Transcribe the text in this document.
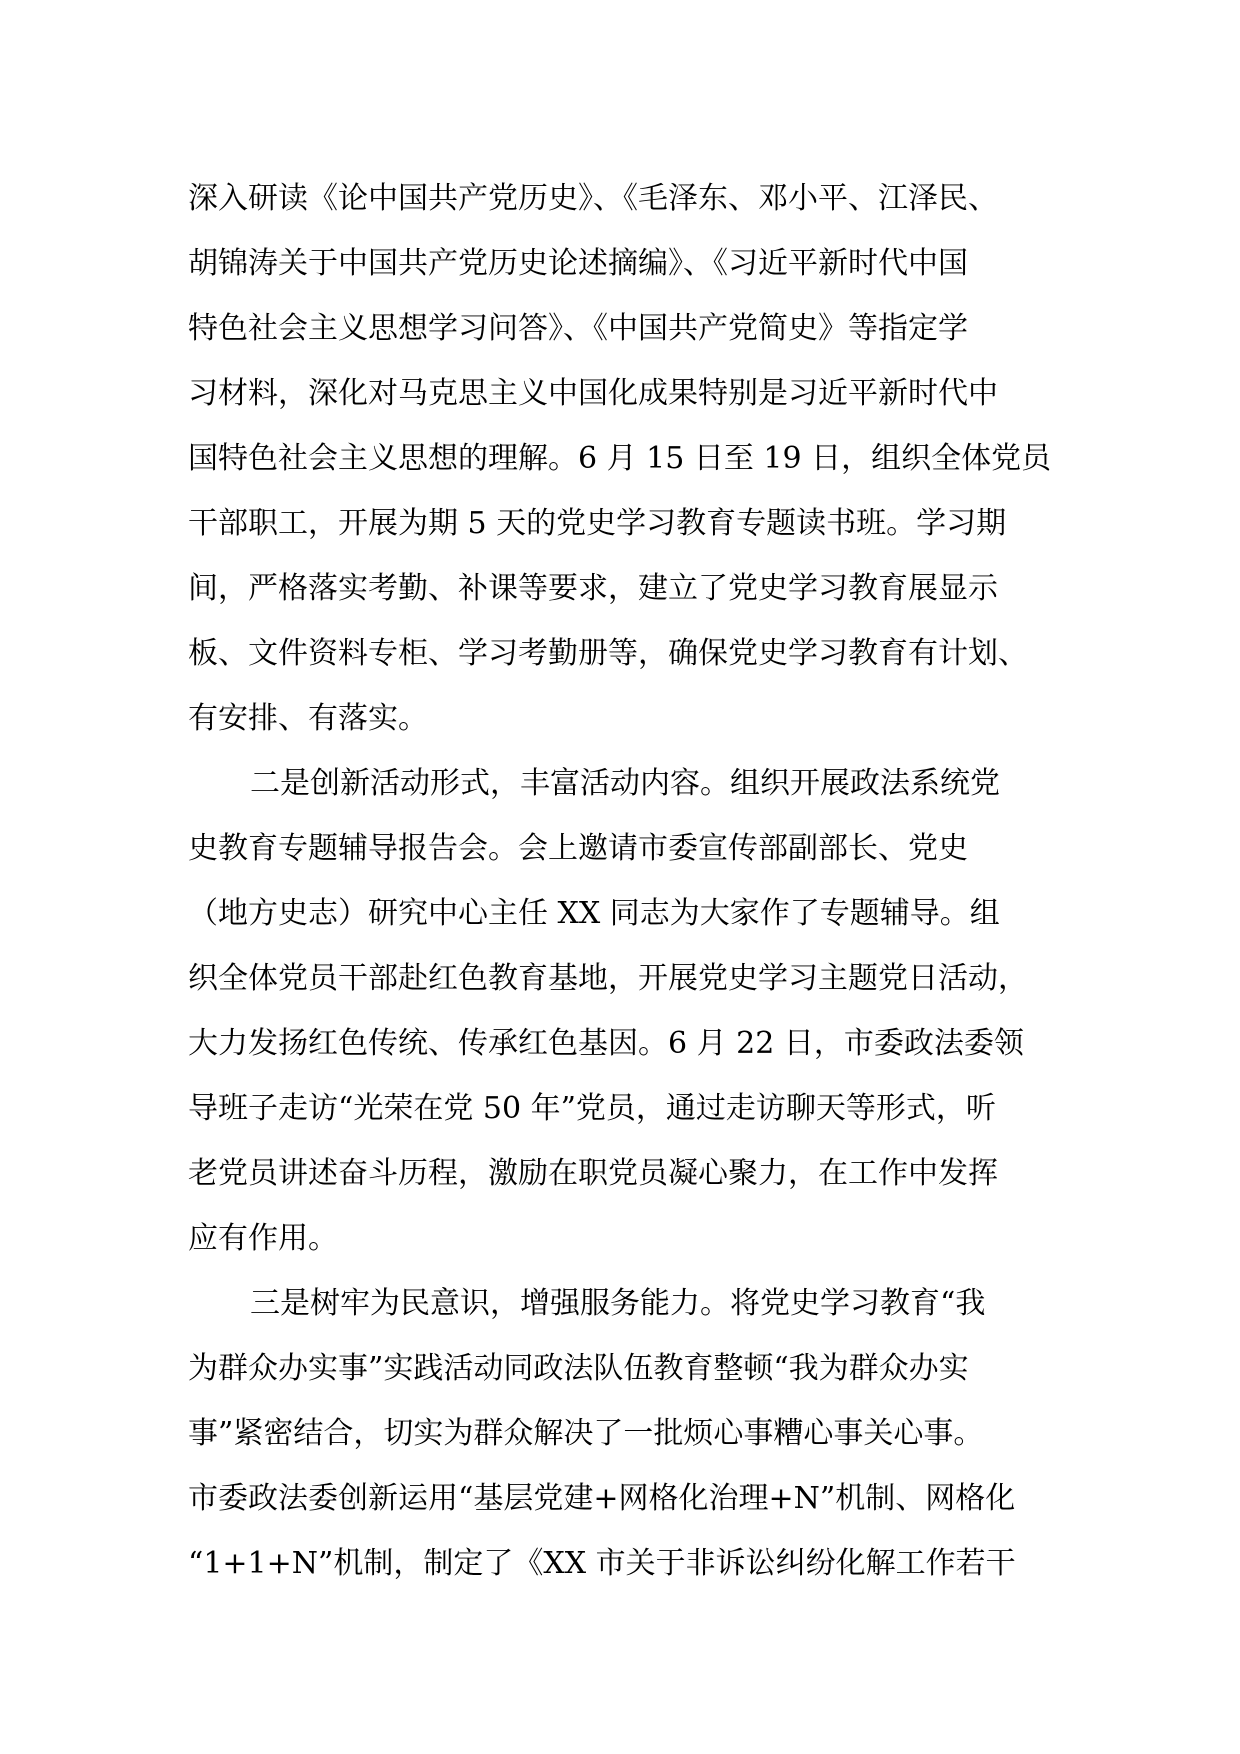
深入研读《论中国共产党历史》、《毛泽东、邓小平、江泽民、
胡锦涛关于中国共产党历史论述摘编》、《习近平新时代中国
特色社会主义思想学习问答》、《中国共产党简史》等指定学
习材料，深化对马克思主义中国化成果特别是习近平新时代中
国特色社会主义思想的理解。6 月 15 日至 19 日，组织全体党员
干部职工，开展为期 5 天的党史学习教育专题读书班。学习期
间，严格落实考勤、补课等要求，建立了党史学习教育展显示
板、文件资料专柜、学习考勤册等，确保党史学习教育有计划、
有安排、有落实。
二是创新活动形式，丰富活动内容。组织开展政法系统党
史教育专题辅导报告会。会上邀请市委宣传部副部长、党史
（地方史志）研究中心主任 XX 同志为大家作了专题辅导。组
织全体党员干部赴红色教育基地，开展党史学习主题党日活动，
大力发扬红色传统、传承红色基因。6 月 22 日，市委政法委领
导班子走访“光荣在党 50 年”党员，通过走访聊天等形式，听
老党员讲述奋斗历程，激励在职党员凝心聚力，在工作中发挥
应有作用。
三是树牢为民意识，增强服务能力。将党史学习教育“我
为群众办实事”实践活动同政法队伍教育整顿“我为群众办实
事”紧密结合，切实为群众解决了一批烦心事糟心事关心事。
市委政法委创新运用“基层党建+网格化治理+N”机制、网格化
“1+1+N”机制，制定了《XX 市关于非诉讼纠纷化解工作若干
